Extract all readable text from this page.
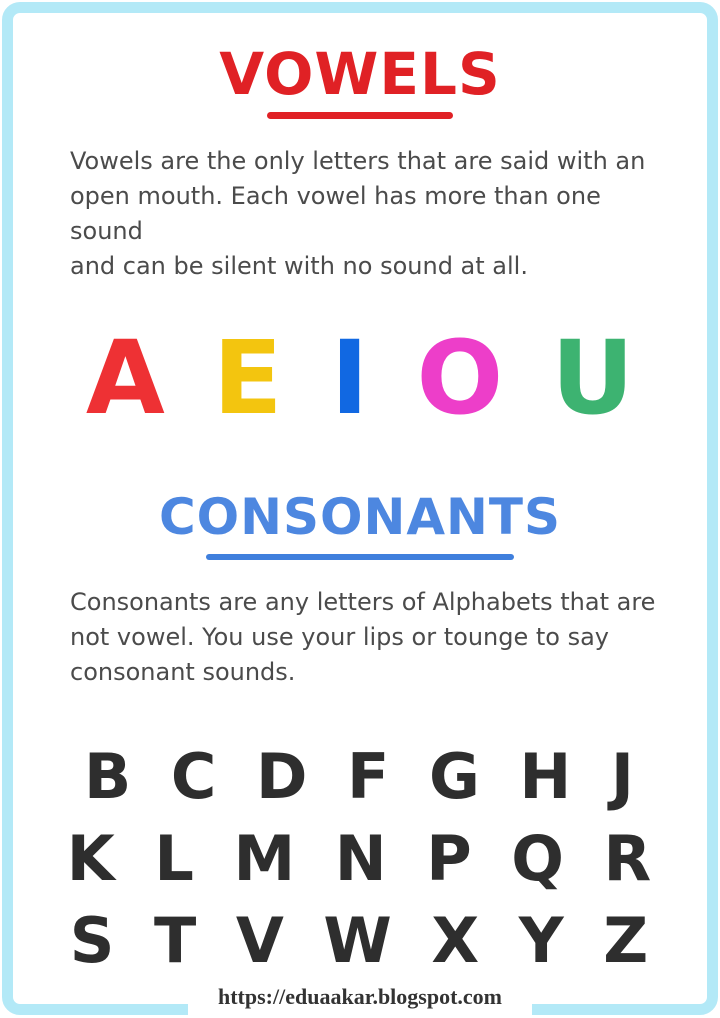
VOWELS
Vowels are the only letters that are said with an
open mouth. Each vowel has more than one sound
and can be silent with no sound at all.
A E I O U
CONSONANTS
Consonants are any letters of Alphabets that are
not vowel. You use your lips or tounge to say
consonant sounds.
B C D F G H J
K L M N P Q R
S T V W X Y Z
https://eduaakar.blogspot.com
